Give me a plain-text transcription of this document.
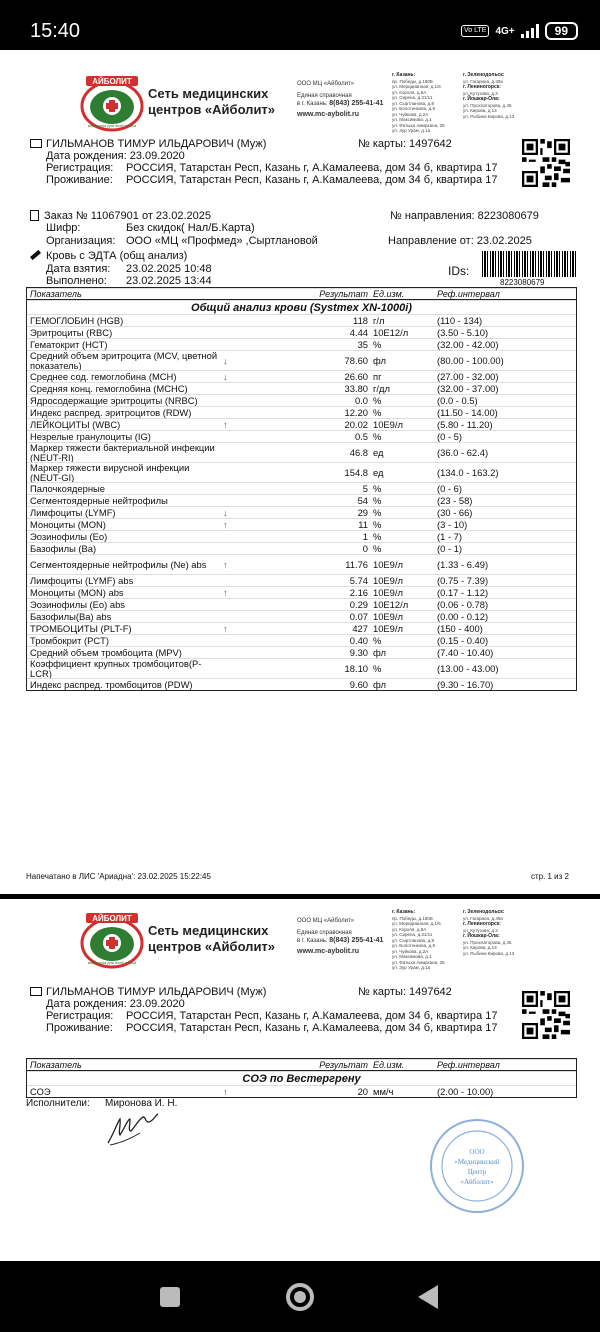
15:40	Vo LTE 4G+	99
АЙБОЛИТ
медицина для всей семьи
Сеть медицинских
центров «Айболит»
ООО МЦ «Айболит»
Единая справочная
в г. Казань: 8(843) 255-41-41
www.mc-aybolit.ru
г. Казань:
пр. Победы, д.180Б
ул. Меридианная, д.1/6
ул. Короля, д.8А
ул. Сирена, д.31/11
ул. Сыртланова, д.8
ул. Болотникова, д.9
ул. Чуйкова, д.2А
ул. Максимова, д.1
ул. Фатыха Амирхана, 25
ул. Зур Урам, д.1а
г. Зеленодольск:
ул. Гагарина, д.49а
г. Лениногорск:
ул. Кутузова, д.3
г. Йошкар-Ола:
ул. Прохлаторова, д.46
ул. Кирова, д.13
ул. Рыбина Кирова, д.13
ГИЛЬМАНОВ ТИМУР ИЛЬДАРОВИЧ (Муж)	№ карты: 1497642
Дата рождения: 23.09.2020
Регистрация: РОССИЯ, Татарстан Респ, Казань г, А.Камалеева, дом 34 б, квартира 17
Проживание: РОССИЯ, Татарстан Респ, Казань г, А.Камалеева, дом 34 б, квартира 17
Заказ № 11067901 от 23.02.2025	№ направления: 8223080679
Шифр:	Без скидок( Нал/Б.Карта)
Организация: ООО «МЦ «Профмед» ,Сыртлановой	Направление от: 23.02.2025
Кровь с ЭДТА (общ анализ)
Дата взятия: 23.02.2025 10:48
Выполнено: 23.02.2025 13:44
IDs:
8223080679
Показатель	Результат Ед.изм.	Реф.интервал
Общий анализ крови (Systmex XN-1000i)
ГЕМОГЛОБИН (HGB)	118 г/л	(110 - 134)
Эритроциты (RBC)	4.44 10E12/л	(3.50 - 5.10)
Гематокрит (HCT)	35 %	(32.00 - 42.00)
Средний объем эритроцита (MCV, цветной показатель)	↓	78.60 фл	(80.00 - 100.00)
Среднее сод. гемоглобина (MCH)	↓	26.60 пг	(27.00 - 32.00)
Средняя конц. гемоглобина (MCHC)	33.80 г/дл	(32.00 - 37.00)
Ядросодержащие эритроциты (NRBC)	0.0 %	(0.0 - 0.5)
Индекс распред. эритроцитов (RDW)	12.20 %	(11.50 - 14.00)
ЛЕЙКОЦИТЫ (WBC)	↑	20.02 10E9/л	(5.80 - 11.20)
Незрелые гранулоциты (IG)	0.5 %	(0 - 5)
Маркер тяжести бактериальной инфекции (NEUT-RI)	46.8 ед	(36.0 - 62.4)
Маркер тяжести вирусной инфекции (NEUT-GI)	154.8 ед	(134.0 - 163.2)
Палочкоядерные	5 %	(0 - 6)
Сегментоядерные нейтрофилы	54 %	(23 - 58)
Лимфоциты (LYMF)	↓	29 %	(30 - 66)
Моноциты (MON)	↑	11 %	(3 - 10)
Эозинофилы (Eo)	1 %	(1 - 7)
Базофилы (Ba)	0 %	(0 - 1)
Сегментоядерные нейтрофилы (Ne) abs	↑	11.76 10E9/л	(1.33 - 6.49)
Лимфоциты (LYMF) abs	5.74 10E9/л	(0.75 - 7.39)
Моноциты (MON) abs	↑	2.16 10E9/л	(0.17 - 1.12)
Эозинофилы (Eo) abs	0.29 10E12/л	(0.06 - 0.78)
Базофилы(Ba) abs	0.07 10E9/л	(0.00 - 0.12)
ТРОМБОЦИТЫ (PLT-F)	↑	427 10E9/л	(150 - 400)
Тромбокрит (PCT)	0.40 %	(0.15 - 0.40)
Средний объем тромбоцита (MPV)	9.30 фл	(7.40 - 10.40)
Коэффициент крупных тромбоцитов(P-LCR)	18.10 %	(13.00 - 43.00)
Индекс распред. тромбоцитов (PDW)	9.60 фл	(9.30 - 16.70)
Напечатано в ЛИС 'Ариадна': 23.02.2025 15:22:45	стр. 1 из 2
АЙБОЛИТ
медицина для всей семьи
Сеть медицинских
центров «Айболит»
ООО МЦ «Айболит»
Единая справочная
в г. Казань: 8(843) 255-41-41
www.mc-aybolit.ru
г. Казань:
пр. Победы, д.180Б
ул. Меридианная, д.1/6
ул. Короля, д.8А
ул. Сирена, д.31/11
ул. Сыртланова, д.8
ул. Болотникова, д.9
ул. Чуйкова, д.2А
ул. Максимова, д.1
ул. Фатыха Амирхана, 25
ул. Зур Урам, д.1а
г. Зеленодольск:
ул. Гагарина, д.49а
г. Лениногорск:
ул. Кутузова, д.3
г. Йошкар-Ола:
ул. Прохлаторова, д.46
ул. Кирова, д.13
ул. Рыбина Кирова, д.13
ГИЛЬМАНОВ ТИМУР ИЛЬДАРОВИЧ (Муж)	№ карты: 1497642
Дата рождения: 23.09.2020
Регистрация: РОССИЯ, Татарстан Респ, Казань г, А.Камалеева, дом 34 б, квартира 17
Проживание: РОССИЯ, Татарстан Респ, Казань г, А.Камалеева, дом 34 б, квартира 17
Показатель	Результат Ед.изм.	Реф.интервал
СОЭ по Вестергрену
СОЭ	↑	20 мм/ч	(2.00 - 10.00)
Исполнители: Миронова И. Н.
ООО
«Медицинский
Центр
«Айболит»
